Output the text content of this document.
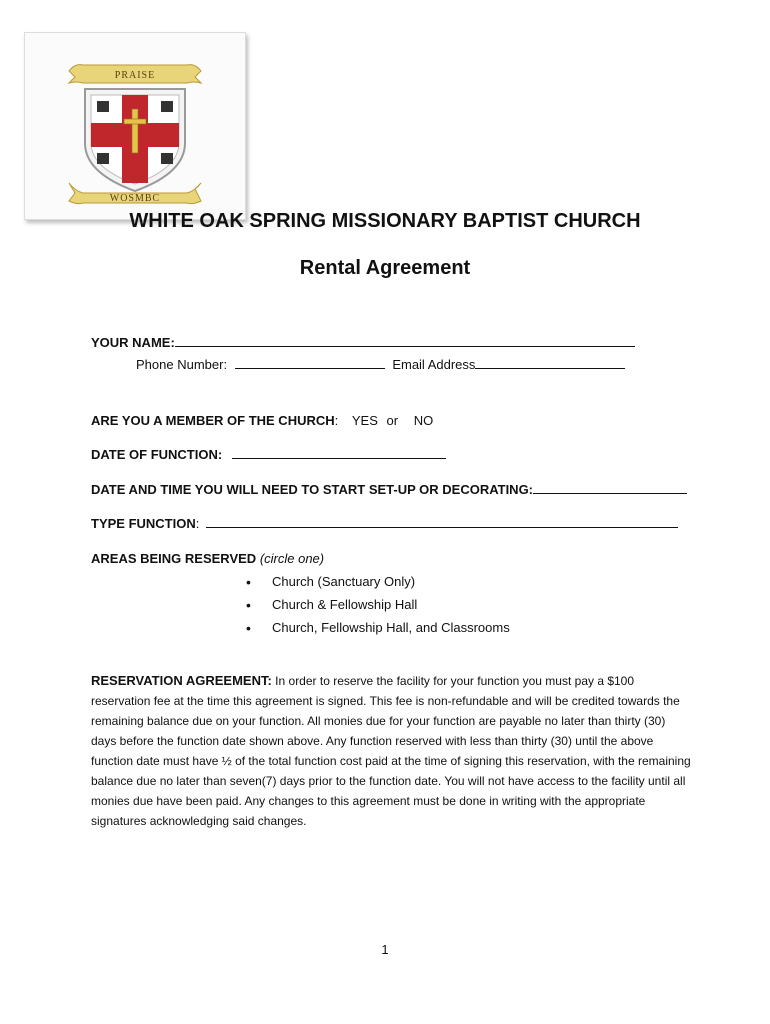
PRAISE
WOSMBC
WHITE OAK SPRING MISSIONARY BAPTIST CHURCH
Rental Agreement
YOUR NAME:
Phone Number:	Email Address
ARE YOU A MEMBER OF THE CHURCH: YES or NO
DATE OF FUNCTION:
DATE AND TIME YOU WILL NEED TO START SET-UP OR DECORATING:
TYPE FUNCTION:
AREAS BEING RESERVED (circle one)
• Church (Sanctuary Only)
• Church & Fellowship Hall
• Church, Fellowship Hall, and Classrooms
RESERVATION AGREEMENT: In order to reserve the facility for your function you must pay a $100 reservation fee at the time this agreement is signed. This fee is non-refundable and will be credited towards the remaining balance due on your function. All monies due for your function are payable no later than thirty (30) days before the function date shown above. Any function reserved with less than thirty (30) until the above function date must have ½ of the total function cost paid at the time of signing this reservation, with the remaining balance due no later than seven(7) days prior to the function date. You will not have access to the facility until all monies due have been paid. Any changes to this agreement must be done in writing with the appropriate signatures acknowledging said changes.
1
